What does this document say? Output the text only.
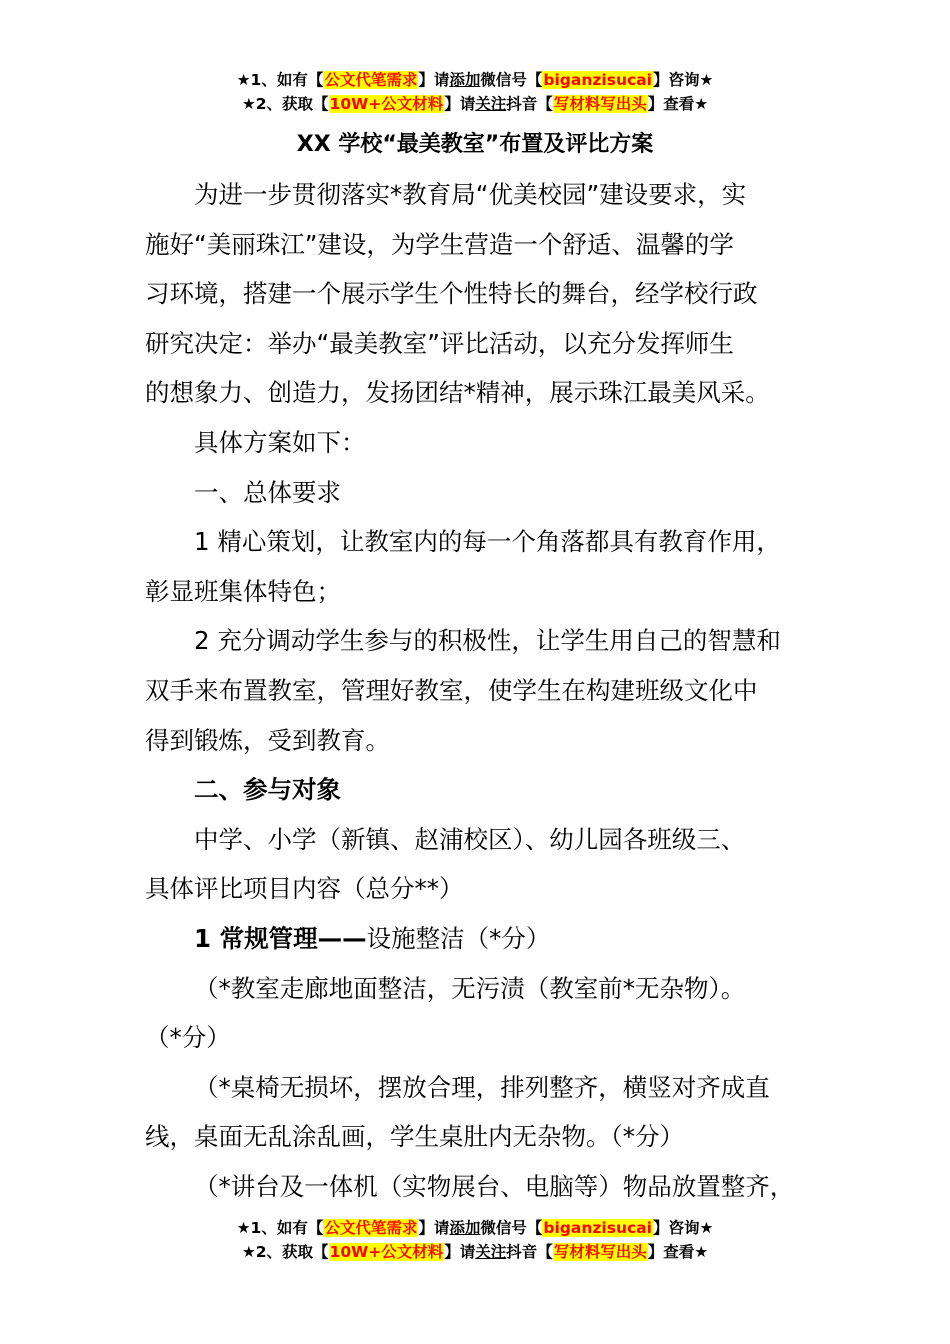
★1、如有【公文代笔需求】请添加微信号【biganzisucai】咨询★
★2、获取【10W+公文材料】请关注抖音【写材料写出头】查看★
XX 学校“最美教室”布置及评比方案

为进一步贯彻落实*教育局“优美校园”建设要求，实
施好“美丽珠江”建设，为学生营造一个舒适、温馨的学
习环境，搭建一个展示学生个性特长的舞台，经学校行政
研究决定：举办“最美教室”评比活动，以充分发挥师生
的想象力、创造力，发扬团结*精神，展示珠江最美风采。

具体方案如下：

一、总体要求

1 精心策划，让教室内的每一个角落都具有教育作用，
彰显班集体特色；

2 充分调动学生参与的积极性，让学生用自己的智慧和
双手来布置教室，管理好教室，使学生在构建班级文化中
得到锻炼，受到教育。

二、参与对象

中学、小学（新镇、赵浦校区）、幼儿园各班级三、
具体评比项目内容（总分**）

1 常规管理——设施整洁（*分）

（*教室走廊地面整洁，无污渍（教室前*无杂物）。
（*分）

（*桌椅无损坏，摆放合理，排列整齐，横竖对齐成直
线，桌面无乱涂乱画，学生桌肚内无杂物。（*分）

（*讲台及一体机（实物展台、电脑等）物品放置整齐，

★1、如有【公文代笔需求】请添加微信号【biganzisucai】咨询★
★2、获取【10W+公文材料】请关注抖音【写材料写出头】查看★
